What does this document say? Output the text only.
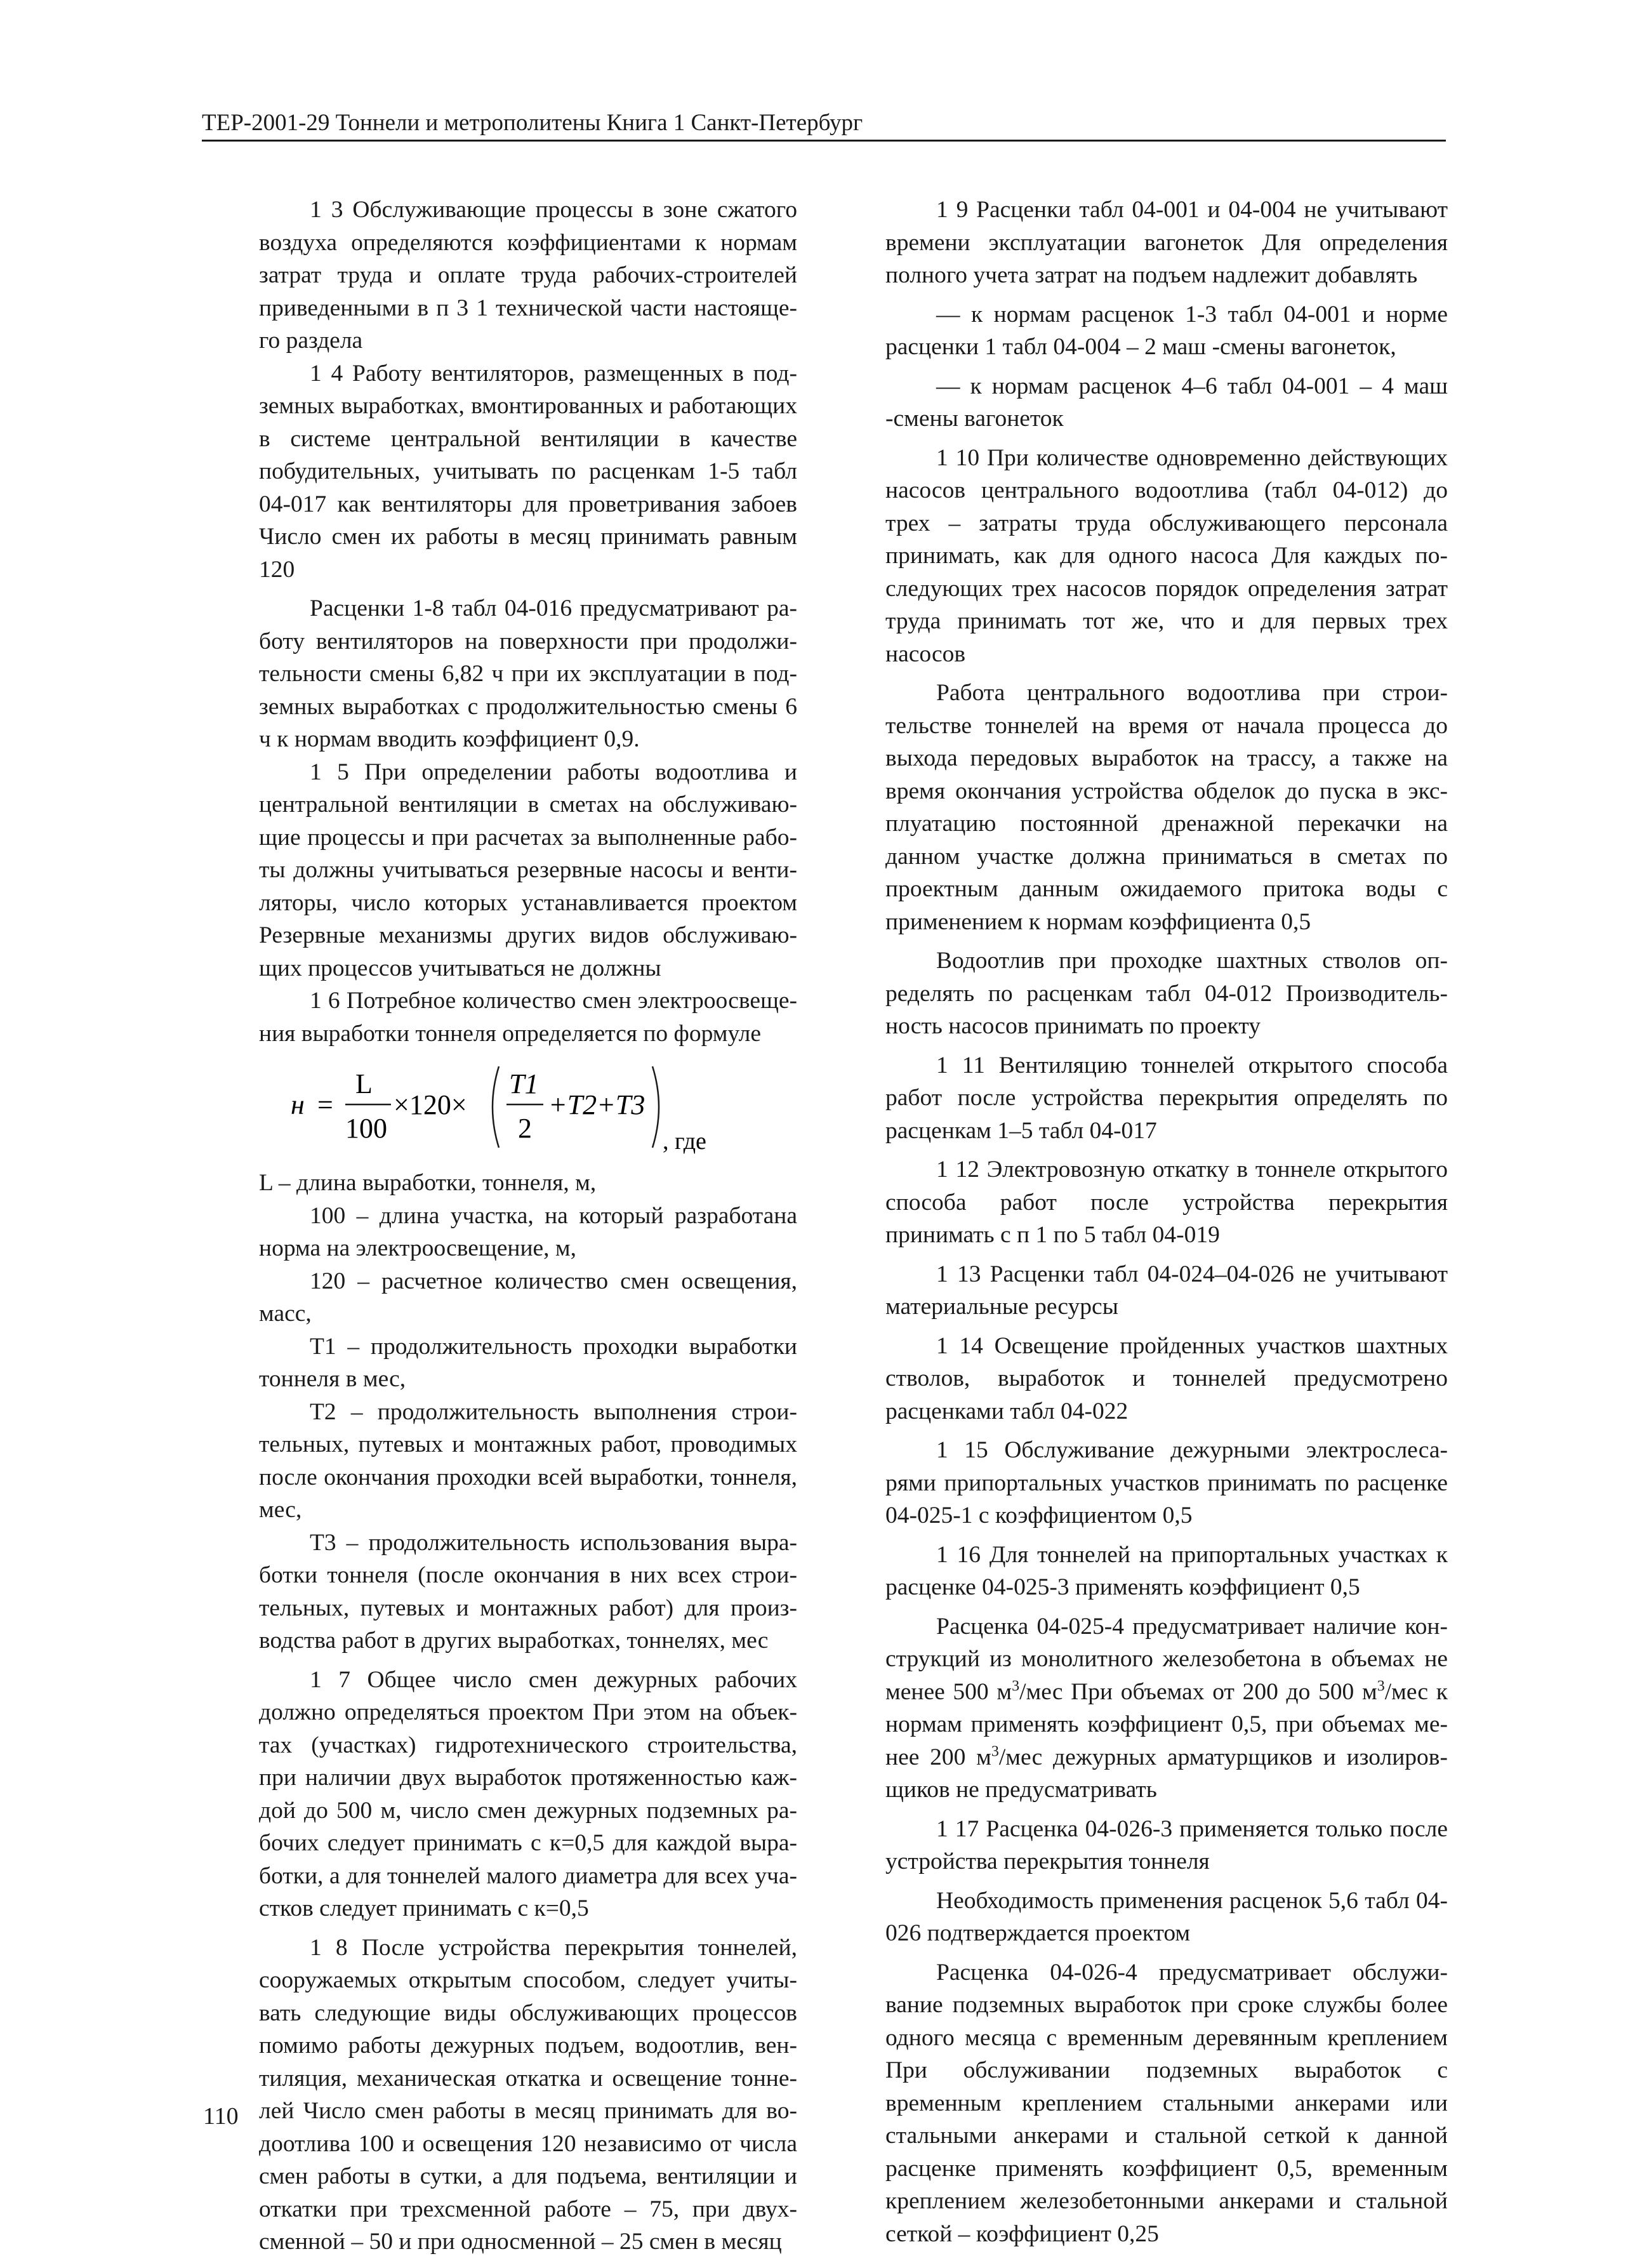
ТЕР-2001-29 Тоннели и метрополитены Книга 1 Санкт-Петербург

1 3 Обслуживающие процессы в зоне сжатого воздуха определяются коэффициентами к нормам затрат труда и оплате труда рабочих-строителей приведенными в п 3 1 технической части настоящего раздела

1 4 Работу вентиляторов, размещенных в подземных выработках, вмонтированных и работающих в системе центральной вентиляции в качестве побудительных, учитывать по расценкам 1-5 табл 04-017 как вентиляторы для проветривания забоев Число смен их работы в месяц принимать равным 120

Расценки 1-8 табл 04-016 предусматривают работу вентиляторов на поверхности при продолжительности смены 6,82 ч при их эксплуатации в подземных выработках с продолжительностью смены 6 ч к нормам вводить коэффициент 0,9.

1 5 При определении работы водоотлива и центральной вентиляции в сметах на обслуживающие процессы и при расчетах за выполненные работы должны учитываться резервные насосы и вентиляторы, число которых устанавливается проектом Резервные механизмы других видов обслуживающих процессов учитываться не должны

1 6 Потребное количество смен электроосвещения выработки тоннеля определяется по формуле

н =
L
100
×120×
T1
2
+T2+T3
, где

L – длина выработки, тоннеля, м,

100 – длина участка, на который разработана норма на электроосвещение, м,

120 – расчетное количество смен освещения, масс,

Т1 – продолжительность проходки выработки тоннеля в мес,

Т2 – продолжительность выполнения строительных, путевых и монтажных работ, проводимых после окончания проходки всей выработки, тоннеля, мес,

Т3 – продолжительность использования выработки тоннеля (после окончания в них всех строительных, путевых и монтажных работ) для производства работ в других выработках, тоннелях, мес

1 7 Общее число смен дежурных рабочих должно определяться проектом При этом на объектах (участках) гидротехнического строительства, при наличии двух выработок протяженностью каждой до 500 м, число смен дежурных подземных рабочих следует принимать с к=0,5 для каждой выработки, а для тоннелей малого диаметра для всех участков следует принимать с к=0,5

1 8 После устройства перекрытия тоннелей, сооружаемых открытым способом, следует учитывать следующие виды обслуживающих процессов помимо работы дежурных подъем, водоотлив, вентиляция, механическая откатка и освещение тоннелей Число смен работы в месяц принимать для водоотлива 100 и освещения 120 независимо от числа смен работы в сутки, а для подъема, вентиляции и откатки при трехсменной работе – 75, при двухсменной – 50 и при односменной – 25 смен в месяц

1 9 Расценки табл 04-001 и 04-004 не учитывают времени эксплуатации вагонеток Для определения полного учета затрат на подъем надлежит добавлять

— к нормам расценок 1-3 табл 04-001 и норме расценки 1 табл 04-004 – 2 маш -смены вагонеток,

— к нормам расценок 4–6 табл 04-001 – 4 маш -смены вагонеток

1 10 При количестве одновременно действующих насосов центрального водоотлива (табл 04-012) до трех – затраты труда обслуживающего персонала принимать, как для одного насоса Для каждых последующих трех насосов порядок определения затрат труда принимать тот же, что и для первых трех насосов

Работа центрального водоотлива при строительстве тоннелей на время от начала процесса до выхода передовых выработок на трассу, а также на время окончания устройства обделок до пуска в эксплуатацию постоянной дренажной перекачки на данном участке должна приниматься в сметах по проектным данным ожидаемого притока воды с применением к нормам коэффициента 0,5

Водоотлив при проходке шахтных стволов определять по расценкам табл 04-012 Производительность насосов принимать по проекту

1 11 Вентиляцию тоннелей открытого способа работ после устройства перекрытия определять по расценкам 1–5 табл 04-017

1 12 Электровозную откатку в тоннеле открытого способа работ после устройства перекрытия принимать с п 1 по 5 табл 04-019

1 13 Расценки табл 04-024–04-026 не учитывают материальные ресурсы

1 14 Освещение пройденных участков шахтных стволов, выработок и тоннелей предусмотрено расценками табл 04-022

1 15 Обслуживание дежурными электрослесарями припортальных участков принимать по расценке 04-025-1 с коэффициентом 0,5

1 16 Для тоннелей на припортальных участках к расценке 04-025-3 применять коэффициент 0,5

Расценка 04-025-4 предусматривает наличие конструкций из монолитного железобетона в объемах не менее 500 $м^3$/мес При объемах от 200 до 500 $м^3$/мес к нормам применять коэффициент 0,5, при объемах менее 200 $м^3$/мес дежурных арматурщиков и изолировщиков не предусматривать

1 17 Расценка 04-026-3 применяется только после устройства перекрытия тоннеля

Необходимость применения расценок 5,6 табл 04-026 подтверждается проектом

Расценка 04-026-4 предусматривает обслуживание подземных выработок при сроке службы более одного месяца с временным деревянным креплением При обслуживании подземных выработок с временным креплением стальными анкерами или стальными анкерами и стальной сеткой к данной расценке применять коэффициент 0,5, временным креплением железобетонными анкерами и стальной сеткой – коэффициент 0,25

110
